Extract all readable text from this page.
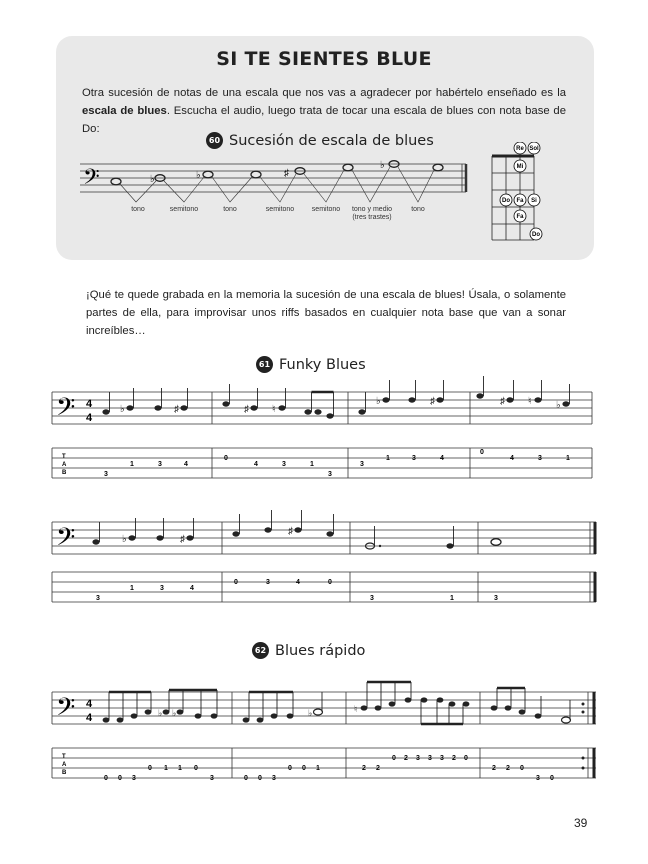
SI TE SIENTES BLUE
Otra sucesión de notas de una escala que nos vas a agradecer por habértelo enseñado es la escala de blues. Escucha el audio, luego trata de tocar una escala de blues con nota base de Do:
60 Sucesión de escala de blues
𝄢	♭	♭	♯
♭
tono	semitono	tono	semitono	semitono tono y medio
(tres trastes)
tono
Re Sol
Mi
Do Fa Si
Fa
Do
¡Qué te quede grabada en la memoria la sucesión de una escala de blues! Úsala, o solamente partes de ella, para improvisar unos riffs basados en cualquier nota base que van a sonar increíbles…
61 Funky Blues
𝄢 4
4
T
A
B
♭	♯	♯ ♮
♭	♯	♯ ♮ ♭
3
1	3	4
0
4	3	1
3
3
1	3	4
0
4	3	1
𝄢	♭	♯
♯
3
1	3	4
0	3	4	0
3	1	3
62 Blues rápido
𝄢 4
4	♭ ♭	♭	♮
T
A
B
0 0 3
0 1 1 0
3	0 0 3
0 0 1	2 2
0 2 3 3 3 2 0
2 2 0
3 0
39
